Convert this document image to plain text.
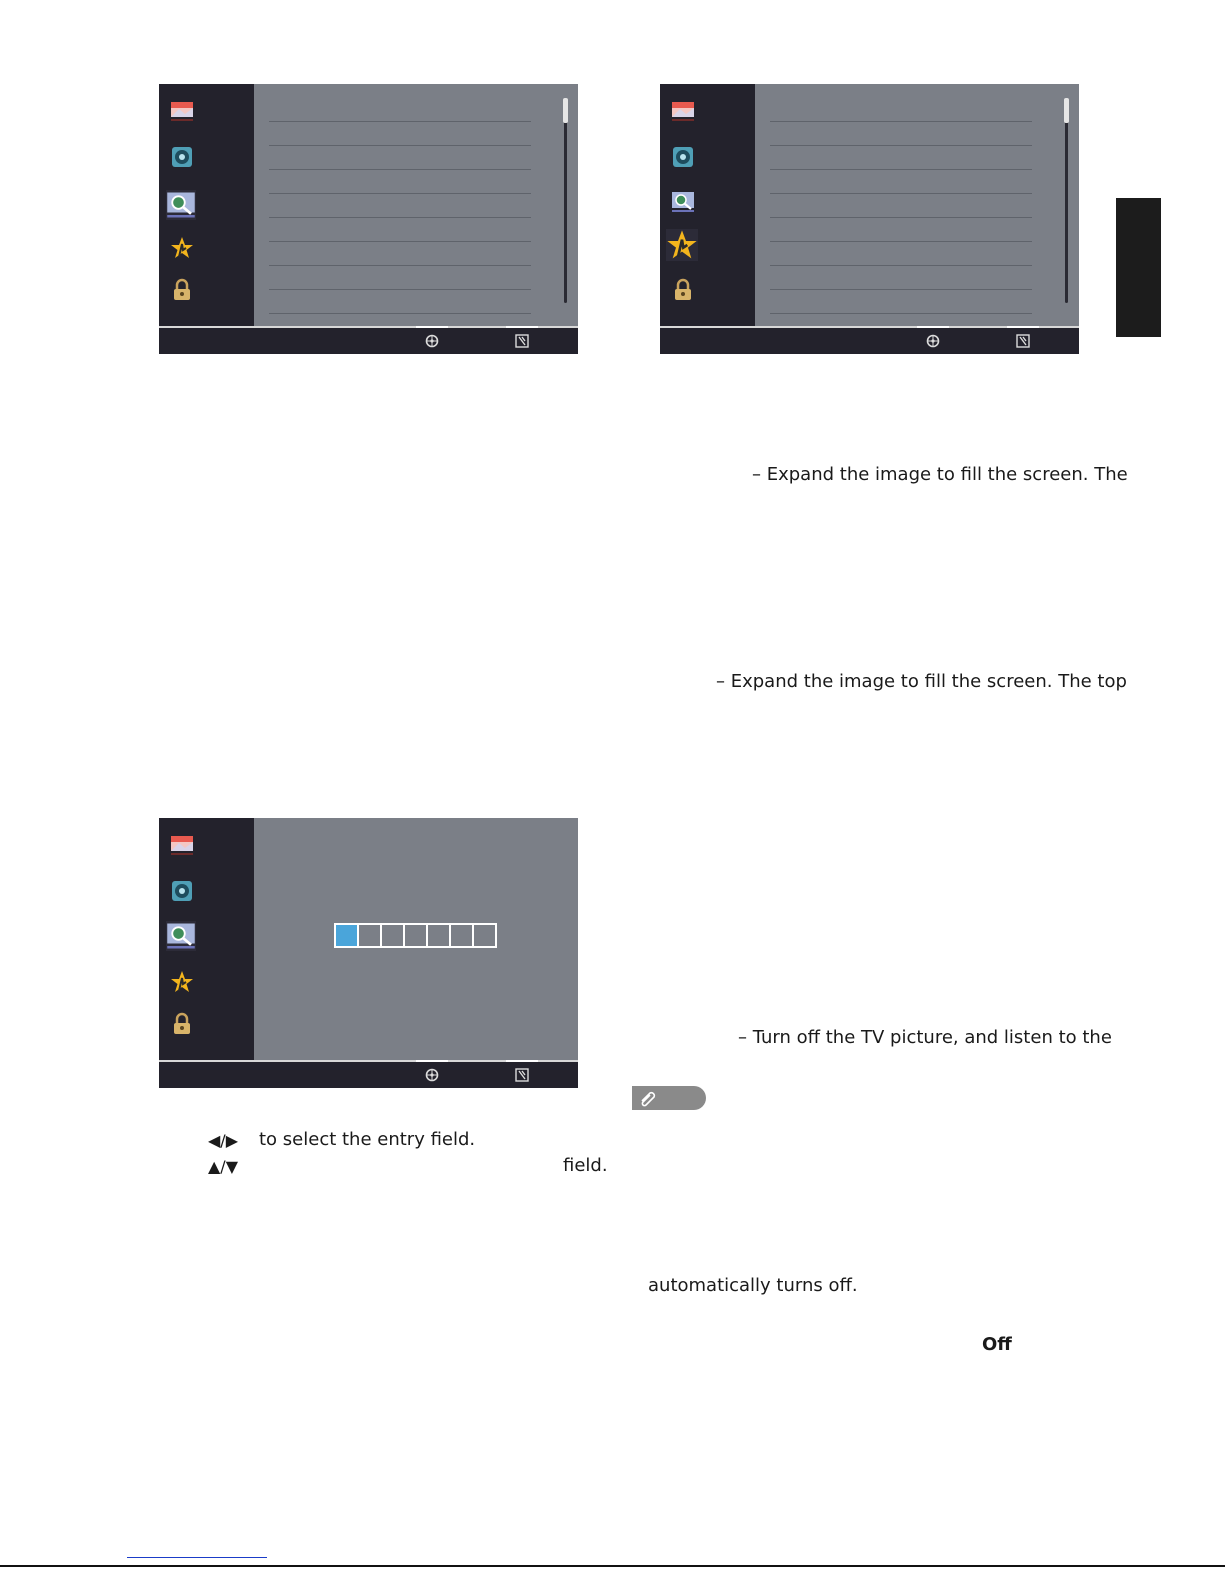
– Expand the image to fill the screen. The
– Expand the image to fill the screen. The top
– Turn off the TV picture, and listen to the
◀/▶ to select the entry field.
▲/▼	field.
automatically turns off.
Off
